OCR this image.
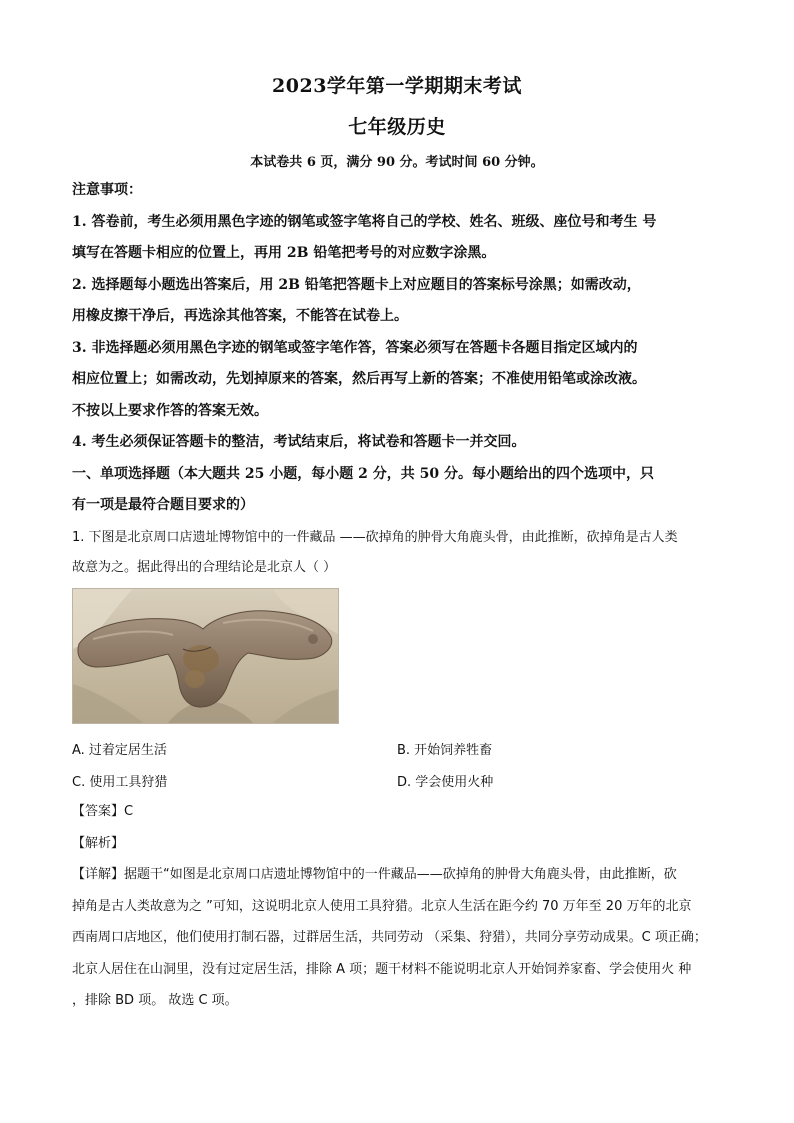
2023学年第一学期期末考试
七年级历史
本试卷共 6 页，满分 90 分。考试时间 60 分钟。
注意事项：
1. 答卷前，考生必须用黑色字迹的钢笔或签字笔将自己的学校、姓名、班级、座位号和考生 号
填写在答题卡相应的位置上，再用 2B 铅笔把考号的对应数字涂黑。
2. 选择题每小题选出答案后，用 2B 铅笔把答题卡上对应题目的答案标号涂黑；如需改动，
用橡皮擦干净后，再选涂其他答案，不能答在试卷上。
3. 非选择题必须用黑色字迹的钢笔或签字笔作答，答案必须写在答题卡各题目指定区域内的
相应位置上；如需改动，先划掉原来的答案，然后再写上新的答案；不准使用铅笔或涂改液。
不按以上要求作答的答案无效。
4. 考生必须保证答题卡的整洁，考试结束后，将试卷和答题卡一并交回。
一、单项选择题（本大题共 25 小题，每小题 2 分，共 50 分。每小题给出的四个选项中，只
有一项是最符合题目要求的）
1. 下图是北京周口店遗址博物馆中的一件藏品 ——砍掉角的肿骨大角鹿头骨，由此推断，砍掉角是古人类
故意为之。据此得出的合理结论是北京人（ ）
A. 过着定居生活	B. 开始饲养牲畜
C. 使用工具狩猎	D. 学会使用火种
【答案】C
【解析】
【详解】据题干“如图是北京周口店遗址博物馆中的一件藏品——砍掉角的肿骨大角鹿头骨，由此推断，砍
掉角是古人类故意为之 ”可知，这说明北京人使用工具狩猎。北京人生活在距今约 70 万年至 20 万年的北京
西南周口店地区，他们使用打制石器，过群居生活，共同劳动 （采集、狩猎），共同分享劳动成果。C 项正确；
北京人居住在山洞里，没有过定居生活，排除 A 项；题干材料不能说明北京人开始饲养家畜、学会使用火 种
，排除 BD 项。 故选 C 项。
